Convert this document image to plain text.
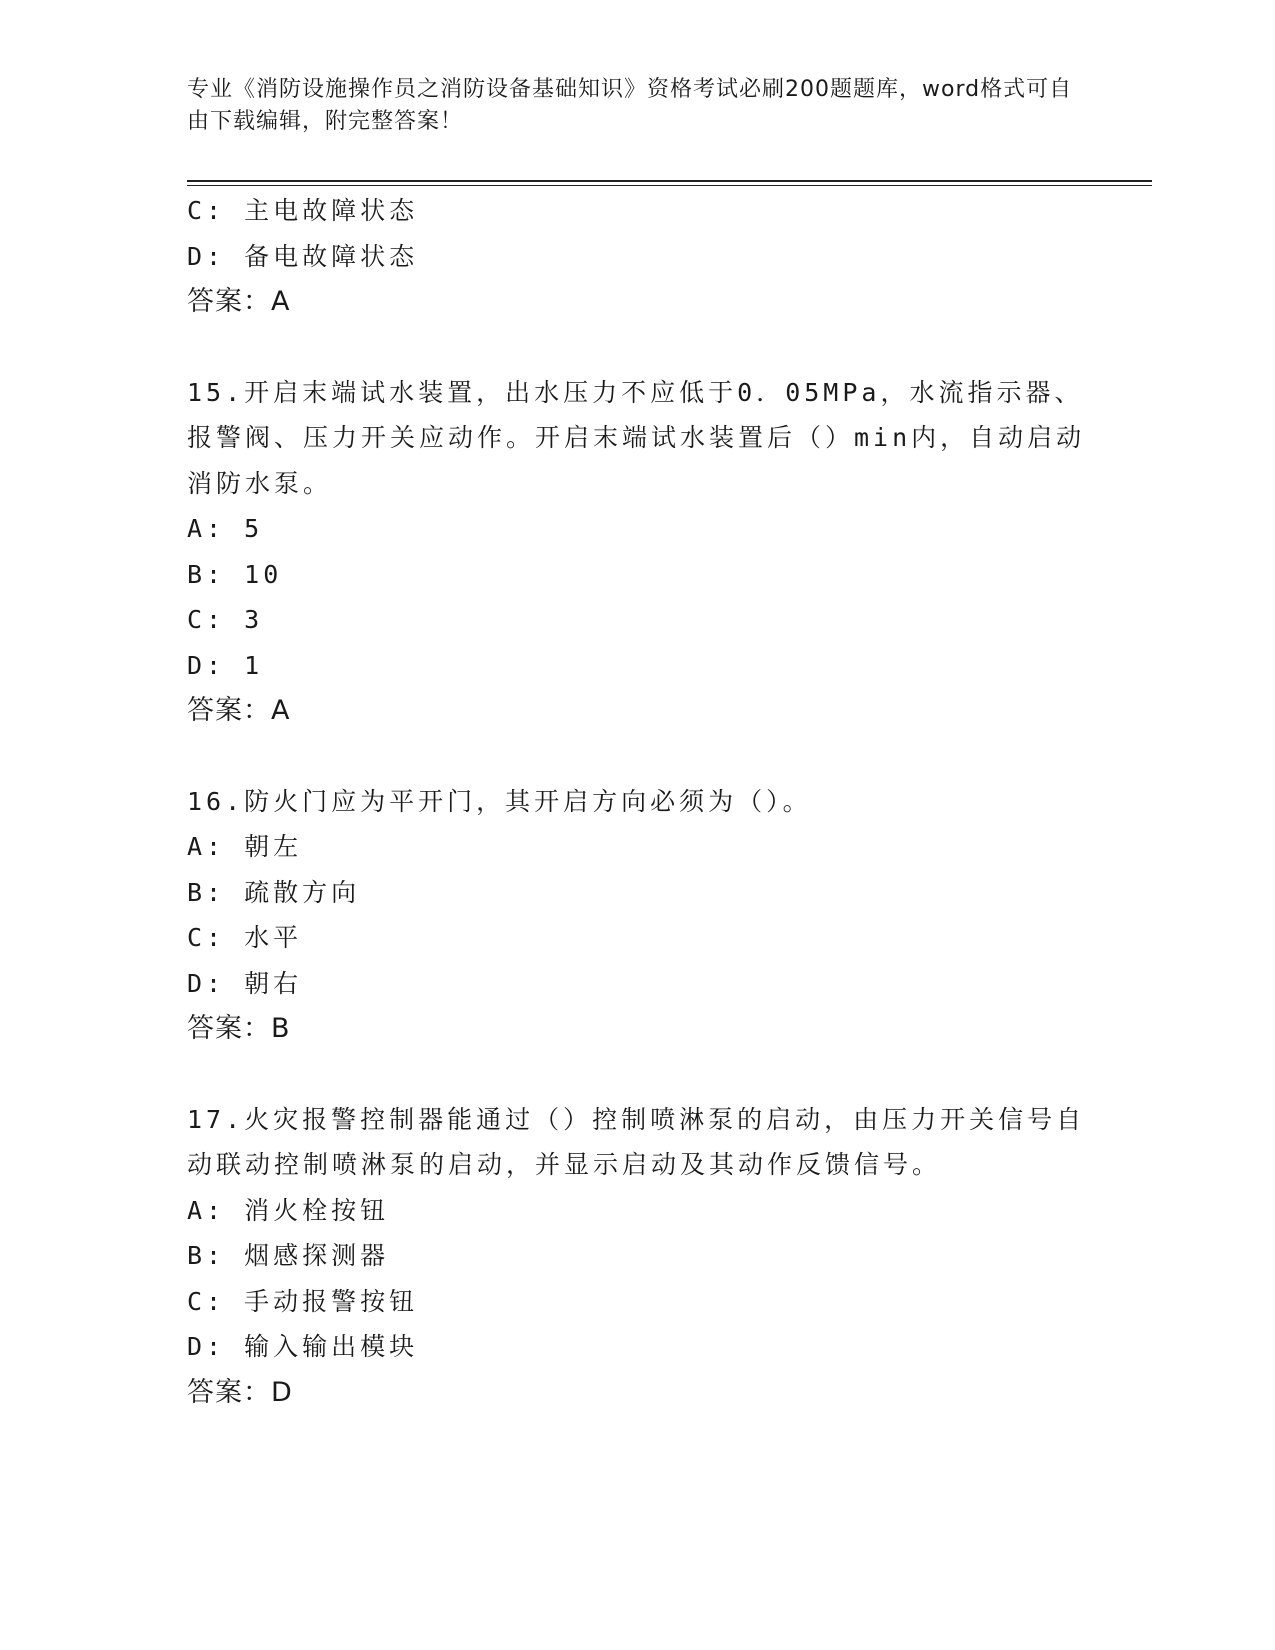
专业《消防设施操作员之消防设备基础知识》资格考试必刷200题题库，word格式可自由下载编辑，附完整答案！

C: 主电故障状态

D: 备电故障状态

答案：A

15.开启末端试水装置，出水压力不应低于0．05MPa，水流指示器、报警阀、压力开关应动作。开启末端试水装置后（）min内，自动启动消防水泵。

A: 5

B: 10

C: 3

D: 1

答案：A

16.防火门应为平开门，其开启方向必须为（）。

A: 朝左

B: 疏散方向

C: 水平

D: 朝右

答案：B

17.火灾报警控制器能通过（）控制喷淋泵的启动，由压力开关信号自动联动控制喷淋泵的启动，并显示启动及其动作反馈信号。

A: 消火栓按钮

B: 烟感探测器

C: 手动报警按钮

D: 输入输出模块

答案：D
